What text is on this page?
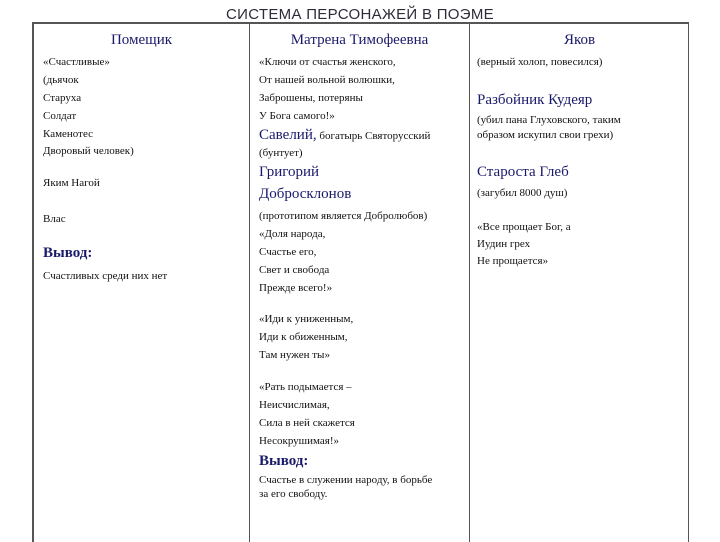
СИСТЕМА ПЕРСОНАЖЕЙ В ПОЭМЕ
Помещик
«Счастливые»
(дьячок
Старуха
Солдат
Каменотес
Дворовый человек)
Яким Нагой
Влас
Вывод:
Счастливых среди них нет
Матрена Тимофеевна
«Ключи от счастья женского,
От нашей вольной волюшки,
Заброшены, потеряны
У Бога самого!»
Савелий, богатырь Святорусский
(бунтует)
Григорий
Добросклонов
(прототипом является Добролюбов)
«Доля народа,
Счастье его,
Свет и свобода
Прежде всего!»
«Иди к униженным,
Иди к обиженным,
Там нужен ты»
«Рать подымается –
Неисчислимая,
Сила в ней скажется
Несокрушимая!»
Вывод:
Счастье в служении народу, в борьбе
за его свободу.
Яков
(верный холоп, повесился)
Разбойник Кудеяр
(убил пана Глуховского, таким
образом искупил свои грехи)
Староста Глеб
(загубил 8000 душ)
«Все прощает Бог, а
Иудин грех
Не прощается»
